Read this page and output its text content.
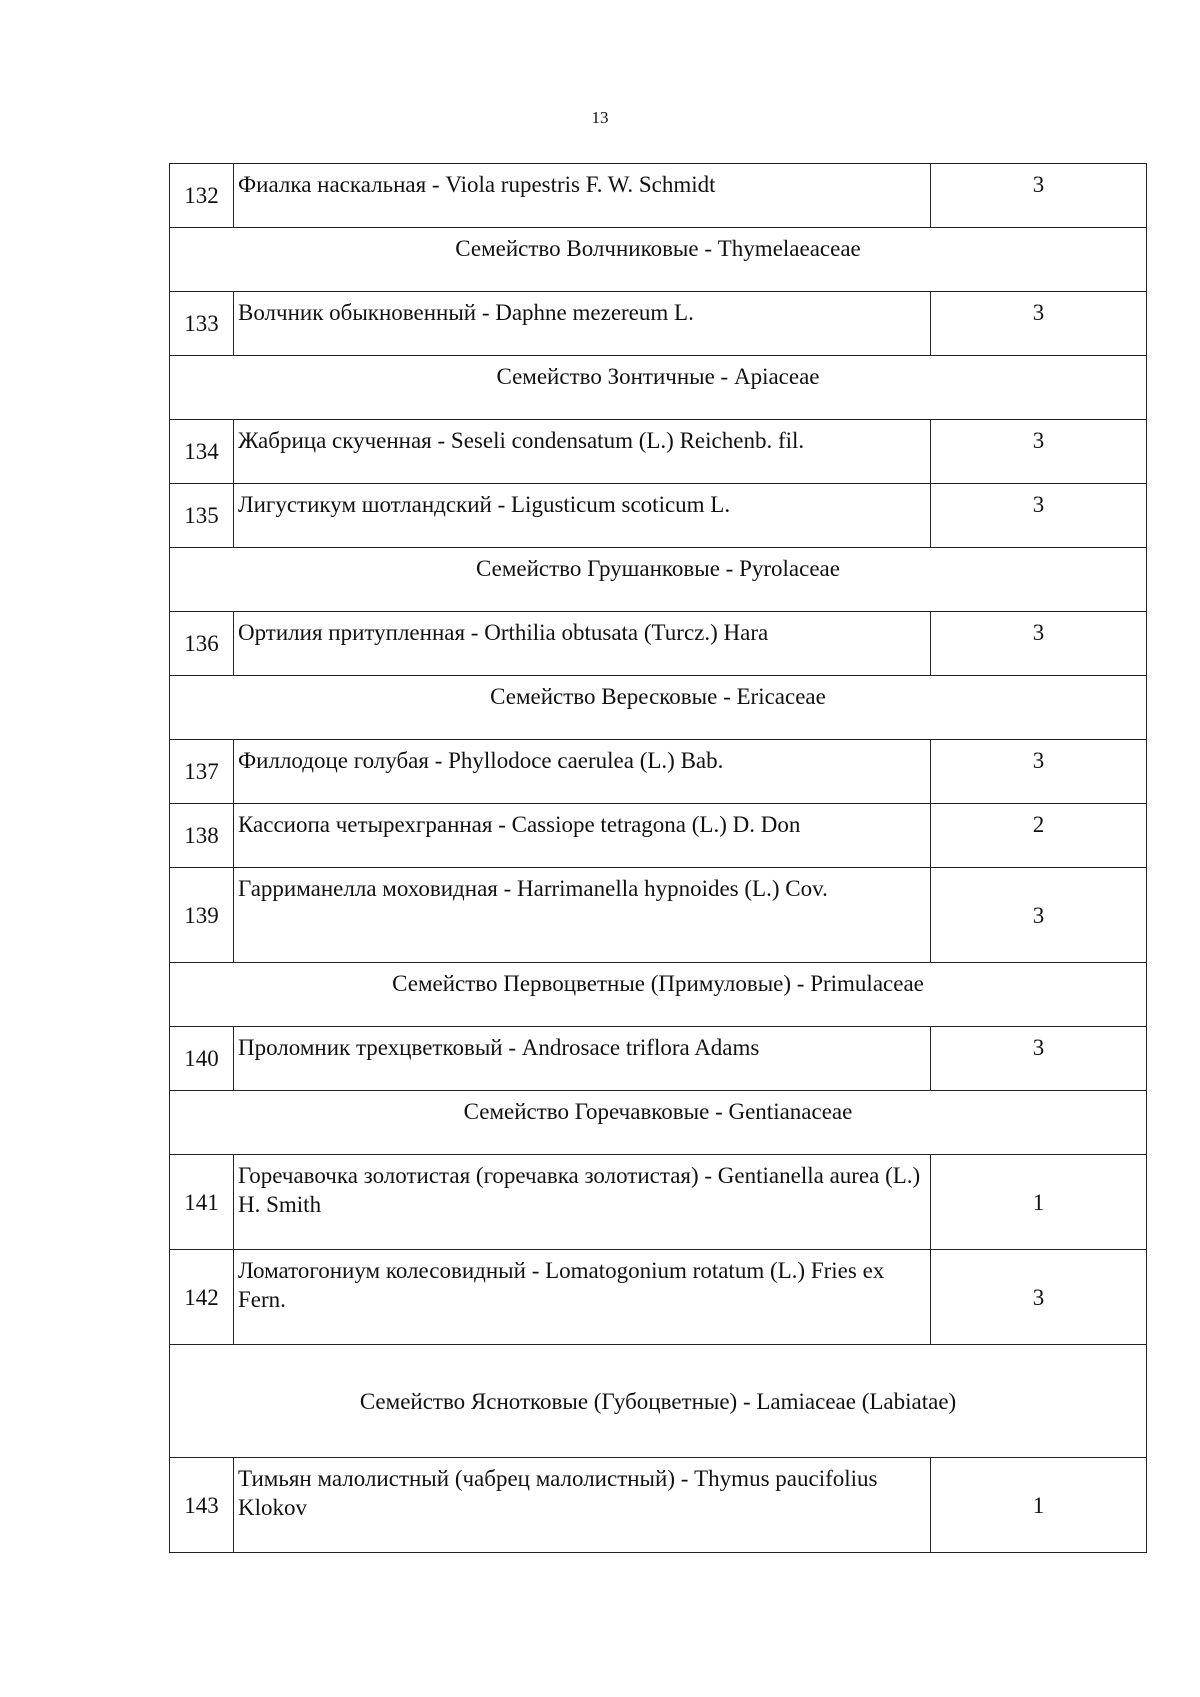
13
132	Фиалка наскальная - Viola rupestris F. W. Schmidt	3
Семейство Волчниковые - Thymelaeaceae		
133	Волчник обыкновенный - Daphne mezereum L.	3
Семейство Зонтичные - Apiaceae		
134	Жабрица скученная - Seseli condensatum (L.) Reichenb. fil.	3
135	Лигустикум шотландский - Ligusticum scoticum L.	3
Семейство Грушанковые - Pyrolaceae		
136	Ортилия притупленная - Orthilia obtusata (Turcz.) Hara	3
Семейство Вересковые - Ericaceae		
137	Филлодоце голубая - Phyllodoce caerulea (L.) Bab.	3
138	Кассиопа четырехгранная - Cassiope tetragona (L.) D. Don	2
139	Гарриманелла моховидная - Harrimanella hypnoides (L.) Cov.	3
Семейство Первоцветные (Примуловые) - Primulaceae		
140	Проломник трехцветковый - Androsace triflora Adams	3
Семейство Горечавковые - Gentianaceae		
141	Горечавочка золотистая (горечавка золотистая) - Gentianella aurea (L.) H. Smith	1
142	Ломатогониум колесовидный - Lomatogonium rotatum (L.) Fries ex Fern.	3
Семейство Яснотковые (Губоцветные) - Lamiaceae (Labiatae)		
143	Тимьян малолистный (чабрец малолистный) - Thymus paucifolius Klokov	1
